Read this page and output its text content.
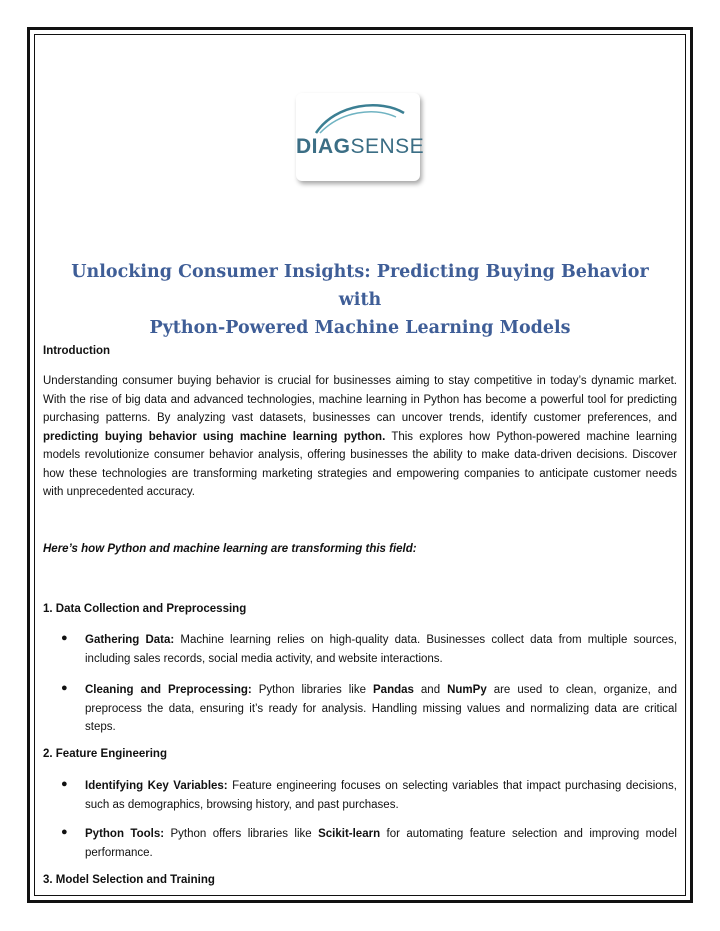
DIAGSENSE
Unlocking Consumer Insights: Predicting Buying Behavior with
Python-Powered Machine Learning Models
Introduction
Understanding consumer buying behavior is crucial for businesses aiming to stay competitive in today’s dynamic market. With the rise of big data and advanced technologies, machine learning in Python has become a powerful tool for predicting purchasing patterns. By analyzing vast datasets, businesses can uncover trends, identify customer preferences, and predicting buying behavior using machine learning python. This explores how Python-powered machine learning models revolutionize consumer behavior analysis, offering businesses the ability to make data-driven decisions. Discover how these technologies are transforming marketing strategies and empowering companies to anticipate customer needs with unprecedented accuracy.
Here’s how Python and machine learning are transforming this field:
1. Data Collection and Preprocessing
● Gathering Data: Machine learning relies on high-quality data. Businesses collect data from multiple sources, including sales records, social media activity, and website interactions.
● Cleaning and Preprocessing: Python libraries like Pandas and NumPy are used to clean, organize, and preprocess the data, ensuring it’s ready for analysis. Handling missing values and normalizing data are critical steps.
2. Feature Engineering
● Identifying Key Variables: Feature engineering focuses on selecting variables that impact purchasing decisions, such as demographics, browsing history, and past purchases.
● Python Tools: Python offers libraries like Scikit-learn for automating feature selection and improving model performance.
3. Model Selection and Training
